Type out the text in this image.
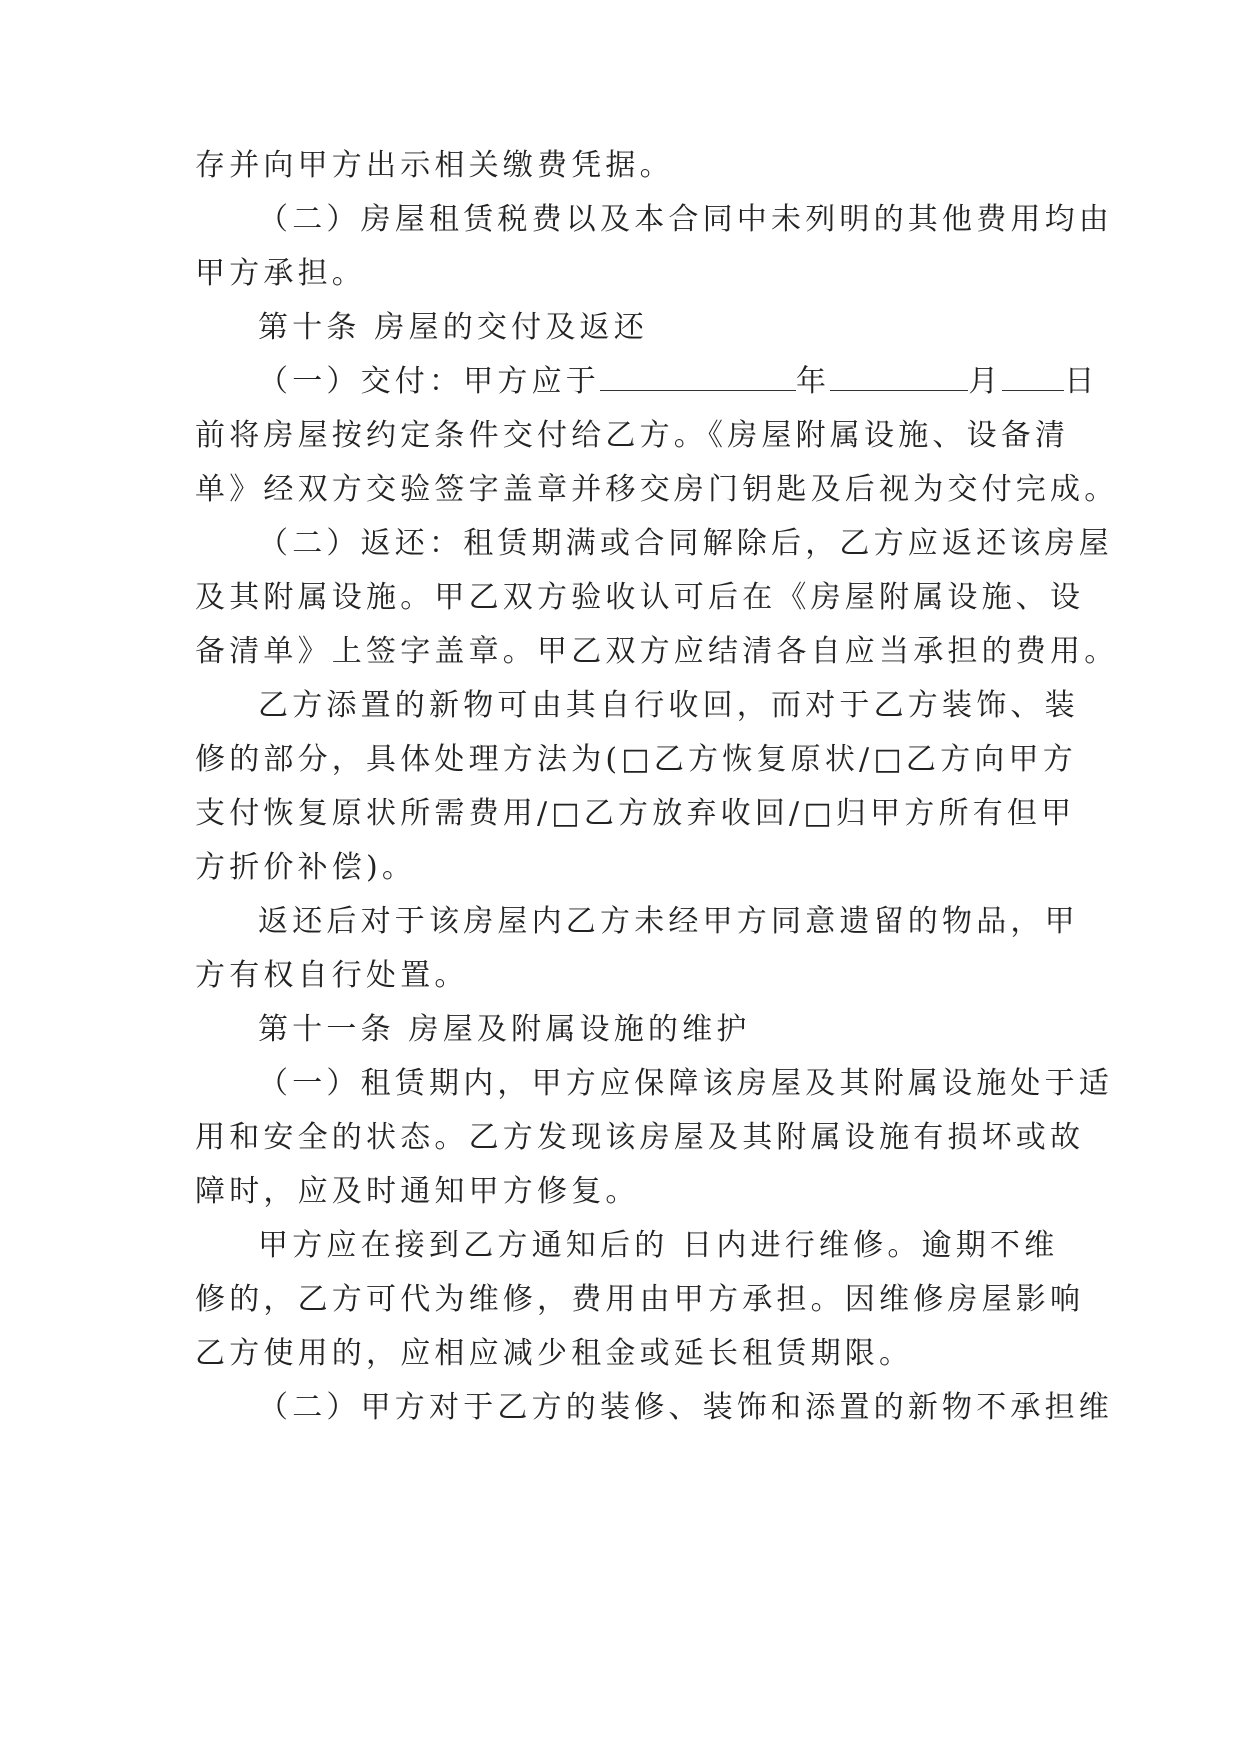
存并向甲方出示相关缴费凭据。
（二）房屋租赁税费以及本合同中未列明的其他费用均由
甲方承担。
第十条 房屋的交付及返还
（一）交付：甲方应于	年	月 日
前将房屋按约定条件交付给乙方。《房屋附属设施、设备清
单》经双方交验签字盖章并移交房门钥匙及后视为交付完成。
（二）返还：租赁期满或合同解除后，乙方应返还该房屋
及其附属设施。甲乙双方验收认可后在《房屋附属设施、设
备清单》上签字盖章。甲乙双方应结清各自应当承担的费用。
乙方添置的新物可由其自行收回，而对于乙方装饰、装
修的部分，具体处理方法为(□乙方恢复原状/□乙方向甲方
支付恢复原状所需费用/□乙方放弃收回/□归甲方所有但甲
方折价补偿)。
返还后对于该房屋内乙方未经甲方同意遗留的物品，甲
方有权自行处置。
第十一条 房屋及附属设施的维护
（一）租赁期内，甲方应保障该房屋及其附属设施处于适
用和安全的状态。乙方发现该房屋及其附属设施有损坏或故
障时，应及时通知甲方修复。
甲方应在接到乙方通知后的 日内进行维修。逾期不维
修的，乙方可代为维修，费用由甲方承担。因维修房屋影响
乙方使用的，应相应减少租金或延长租赁期限。
（二）甲方对于乙方的装修、装饰和添置的新物不承担维
